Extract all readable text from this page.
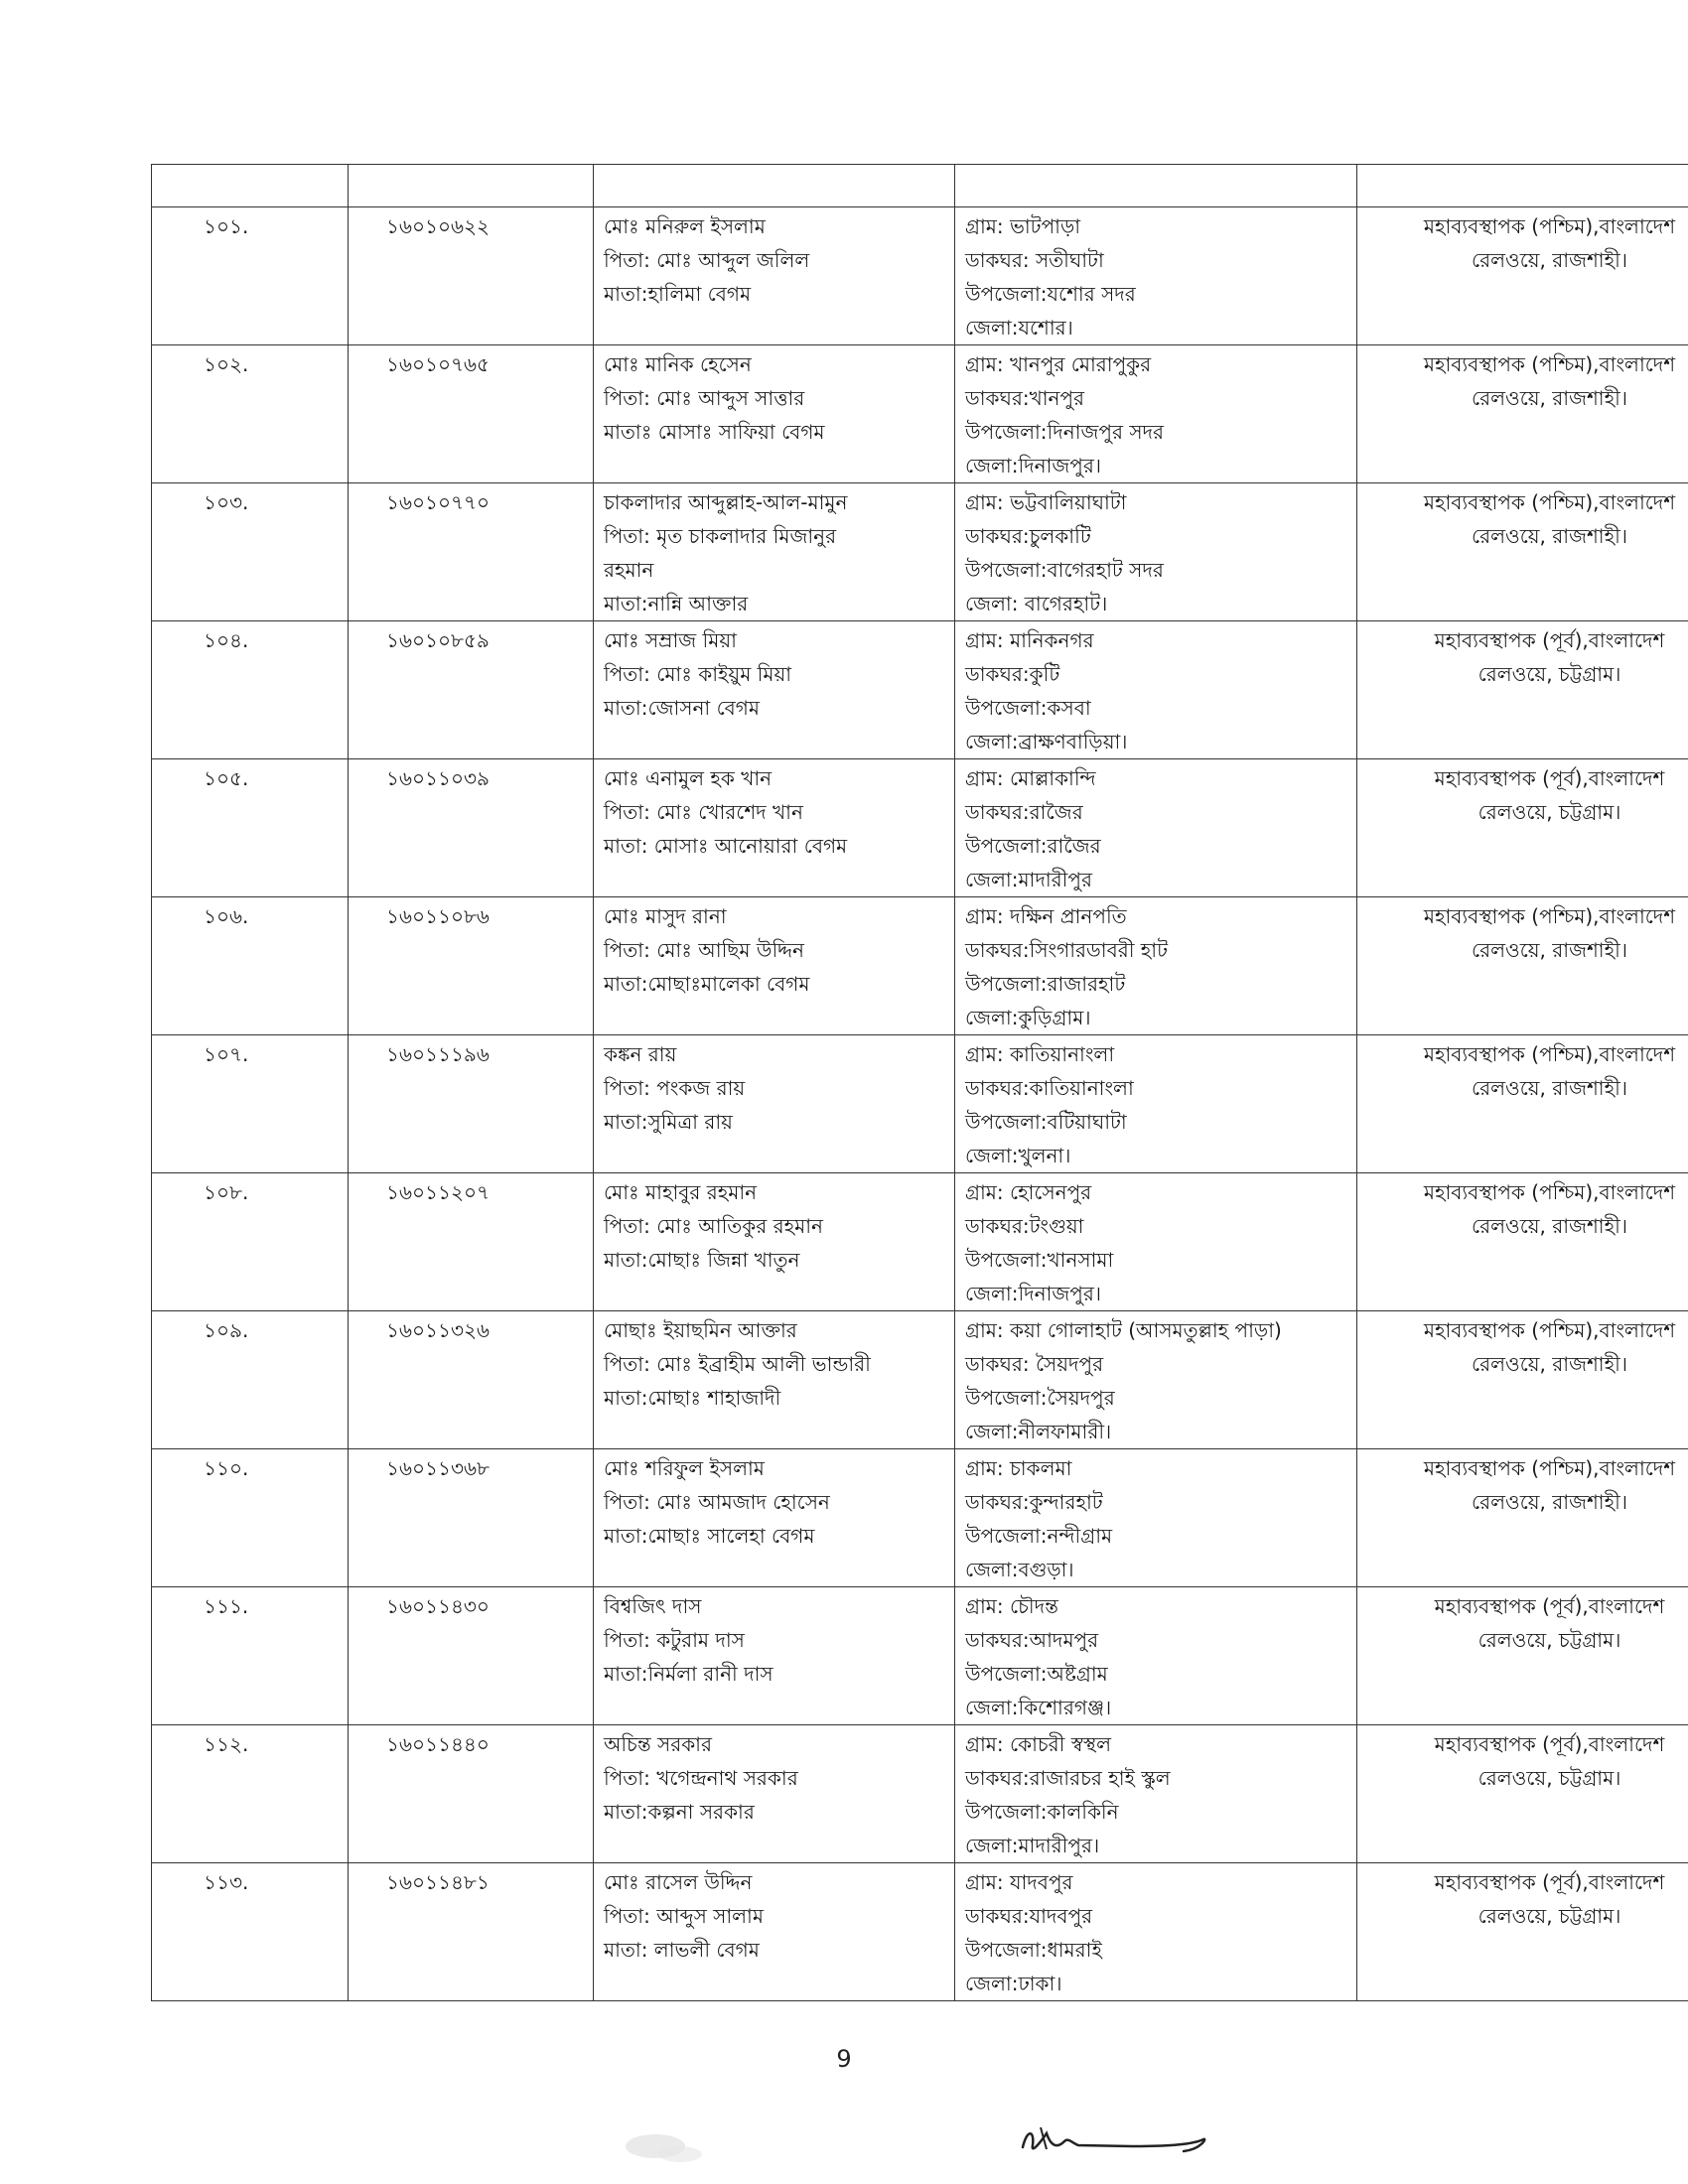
১০১.	১৬০১০৬২২	মোঃ মনিরুল ইসলাম
পিতা: মোঃ আব্দুল জলিল
মাতা:হালিমা বেগম	গ্রাম: ভাটপাড়া
ডাকঘর: সতীঘাটা
উপজেলা:যশোর সদর
জেলা:যশোর।	মহাব্যবস্থাপক (পশ্চিম),বাংলাদেশ
রেলওয়ে, রাজশাহী।

১০২.	১৬০১০৭৬৫	মোঃ মানিক হেসেন
পিতা: মোঃ আব্দুস সাত্তার
মাতাঃ মোসাঃ সাফিয়া বেগম	গ্রাম: খানপুর মোরাপুকুর
ডাকঘর:খানপুর
উপজেলা:দিনাজপুর সদর
জেলা:দিনাজপুর।	মহাব্যবস্থাপক (পশ্চিম),বাংলাদেশ
রেলওয়ে, রাজশাহী।

১০৩.	১৬০১০৭৭০	চাকলাদার আব্দুল্লাহ-আল-মামুন
পিতা: মৃত চাকলাদার মিজানুর
রহমান
মাতা:নান্নি আক্তার	গ্রাম: ভট্টবালিয়াঘাটা
ডাকঘর:চুলকাটি
উপজেলা:বাগেরহাট সদর
জেলা: বাগেরহাট।	মহাব্যবস্থাপক (পশ্চিম),বাংলাদেশ
রেলওয়ে, রাজশাহী।

১০৪.	১৬০১০৮৫৯	মোঃ সম্রাজ মিয়া
পিতা: মোঃ কাইয়ুম মিয়া
মাতা:জোসনা বেগম	গ্রাম: মানিকনগর
ডাকঘর:কুটি
উপজেলা:কসবা
জেলা:ব্রাক্ষণবাড়িয়া।	মহাব্যবস্থাপক (পূর্ব),বাংলাদেশ
রেলওয়ে, চট্টগ্রাম।

১০৫.	১৬০১১০৩৯	মোঃ এনামুল হক খান
পিতা: মোঃ খোরশেদ খান
মাতা: মোসাঃ আনোয়ারা বেগম	গ্রাম: মোল্লাকান্দি
ডাকঘর:রাজৈর
উপজেলা:রাজৈর
জেলা:মাদারীপুর	মহাব্যবস্থাপক (পূর্ব),বাংলাদেশ
রেলওয়ে, চট্টগ্রাম।

১০৬.	১৬০১১০৮৬	মোঃ মাসুদ রানা
পিতা: মোঃ আছিম উদ্দিন
মাতা:মোছাঃমালেকা বেগম	গ্রাম: দক্ষিন প্রানপতি
ডাকঘর:সিংগারডাবরী হাট
উপজেলা:রাজারহাট
জেলা:কুড়িগ্রাম।	মহাব্যবস্থাপক (পশ্চিম),বাংলাদেশ
রেলওয়ে, রাজশাহী।

১০৭.	১৬০১১১৯৬	কঙ্কন রায়
পিতা: পংকজ রায়
মাতা:সুমিত্রা রায়	গ্রাম: কাতিয়ানাংলা
ডাকঘর:কাতিয়ানাংলা
উপজেলা:বটিয়াঘাটা
জেলা:খুলনা।	মহাব্যবস্থাপক (পশ্চিম),বাংলাদেশ
রেলওয়ে, রাজশাহী।

১০৮.	১৬০১১২০৭	মোঃ মাহাবুর রহমান
পিতা: মোঃ আতিকুর রহমান
মাতা:মোছাঃ জিন্না খাতুন	গ্রাম: হোসেনপুর
ডাকঘর:টংগুয়া
উপজেলা:খানসামা
জেলা:দিনাজপুর।	মহাব্যবস্থাপক (পশ্চিম),বাংলাদেশ
রেলওয়ে, রাজশাহী।

১০৯.	১৬০১১৩২৬	মোছাঃ ইয়াছমিন আক্তার
পিতা: মোঃ ইব্রাহীম আলী ভান্ডারী
মাতা:মোছাঃ শাহাজাদী	গ্রাম: কয়া গোলাহাট (আসমতুল্লাহ পাড়া)
ডাকঘর: সৈয়দপুর
উপজেলা:সৈয়দপুর
জেলা:নীলফামারী।	মহাব্যবস্থাপক (পশ্চিম),বাংলাদেশ
রেলওয়ে, রাজশাহী।

১১০.	১৬০১১৩৬৮	মোঃ শরিফুল ইসলাম
পিতা: মোঃ আমজাদ হোসেন
মাতা:মোছাঃ সালেহা বেগম	গ্রাম: চাকলমা
ডাকঘর:কুন্দারহাট
উপজেলা:নন্দীগ্রাম
জেলা:বগুড়া।	মহাব্যবস্থাপক (পশ্চিম),বাংলাদেশ
রেলওয়ে, রাজশাহী।

১১১.	১৬০১১৪৩০	বিশ্বজিৎ দাস
পিতা: কটুরাম দাস
মাতা:নির্মলা রানী দাস	গ্রাম: চৌদন্ত
ডাকঘর:আদমপুর
উপজেলা:অষ্টগ্রাম
জেলা:কিশোরগঞ্জ।	মহাব্যবস্থাপক (পূর্ব),বাংলাদেশ
রেলওয়ে, চট্টগ্রাম।

১১২.	১৬০১১৪৪০	অচিন্ত সরকার
পিতা: খগেন্দ্রনাথ সরকার
মাতা:কল্পনা সরকার	গ্রাম: কোচরী স্বস্থল
ডাকঘর:রাজারচর হাই স্কুল
উপজেলা:কালকিনি
জেলা:মাদারীপুর।	মহাব্যবস্থাপক (পূর্ব),বাংলাদেশ
রেলওয়ে, চট্টগ্রাম।

১১৩.	১৬০১১৪৮১	মোঃ রাসেল উদ্দিন
পিতা: আব্দুস সালাম
মাতা: লাভলী বেগম	গ্রাম: যাদবপুর
ডাকঘর:যাদবপুর
উপজেলা:ধামরাই
জেলা:ঢাকা।	মহাব্যবস্থাপক (পূর্ব),বাংলাদেশ
রেলওয়ে, চট্টগ্রাম।
9
